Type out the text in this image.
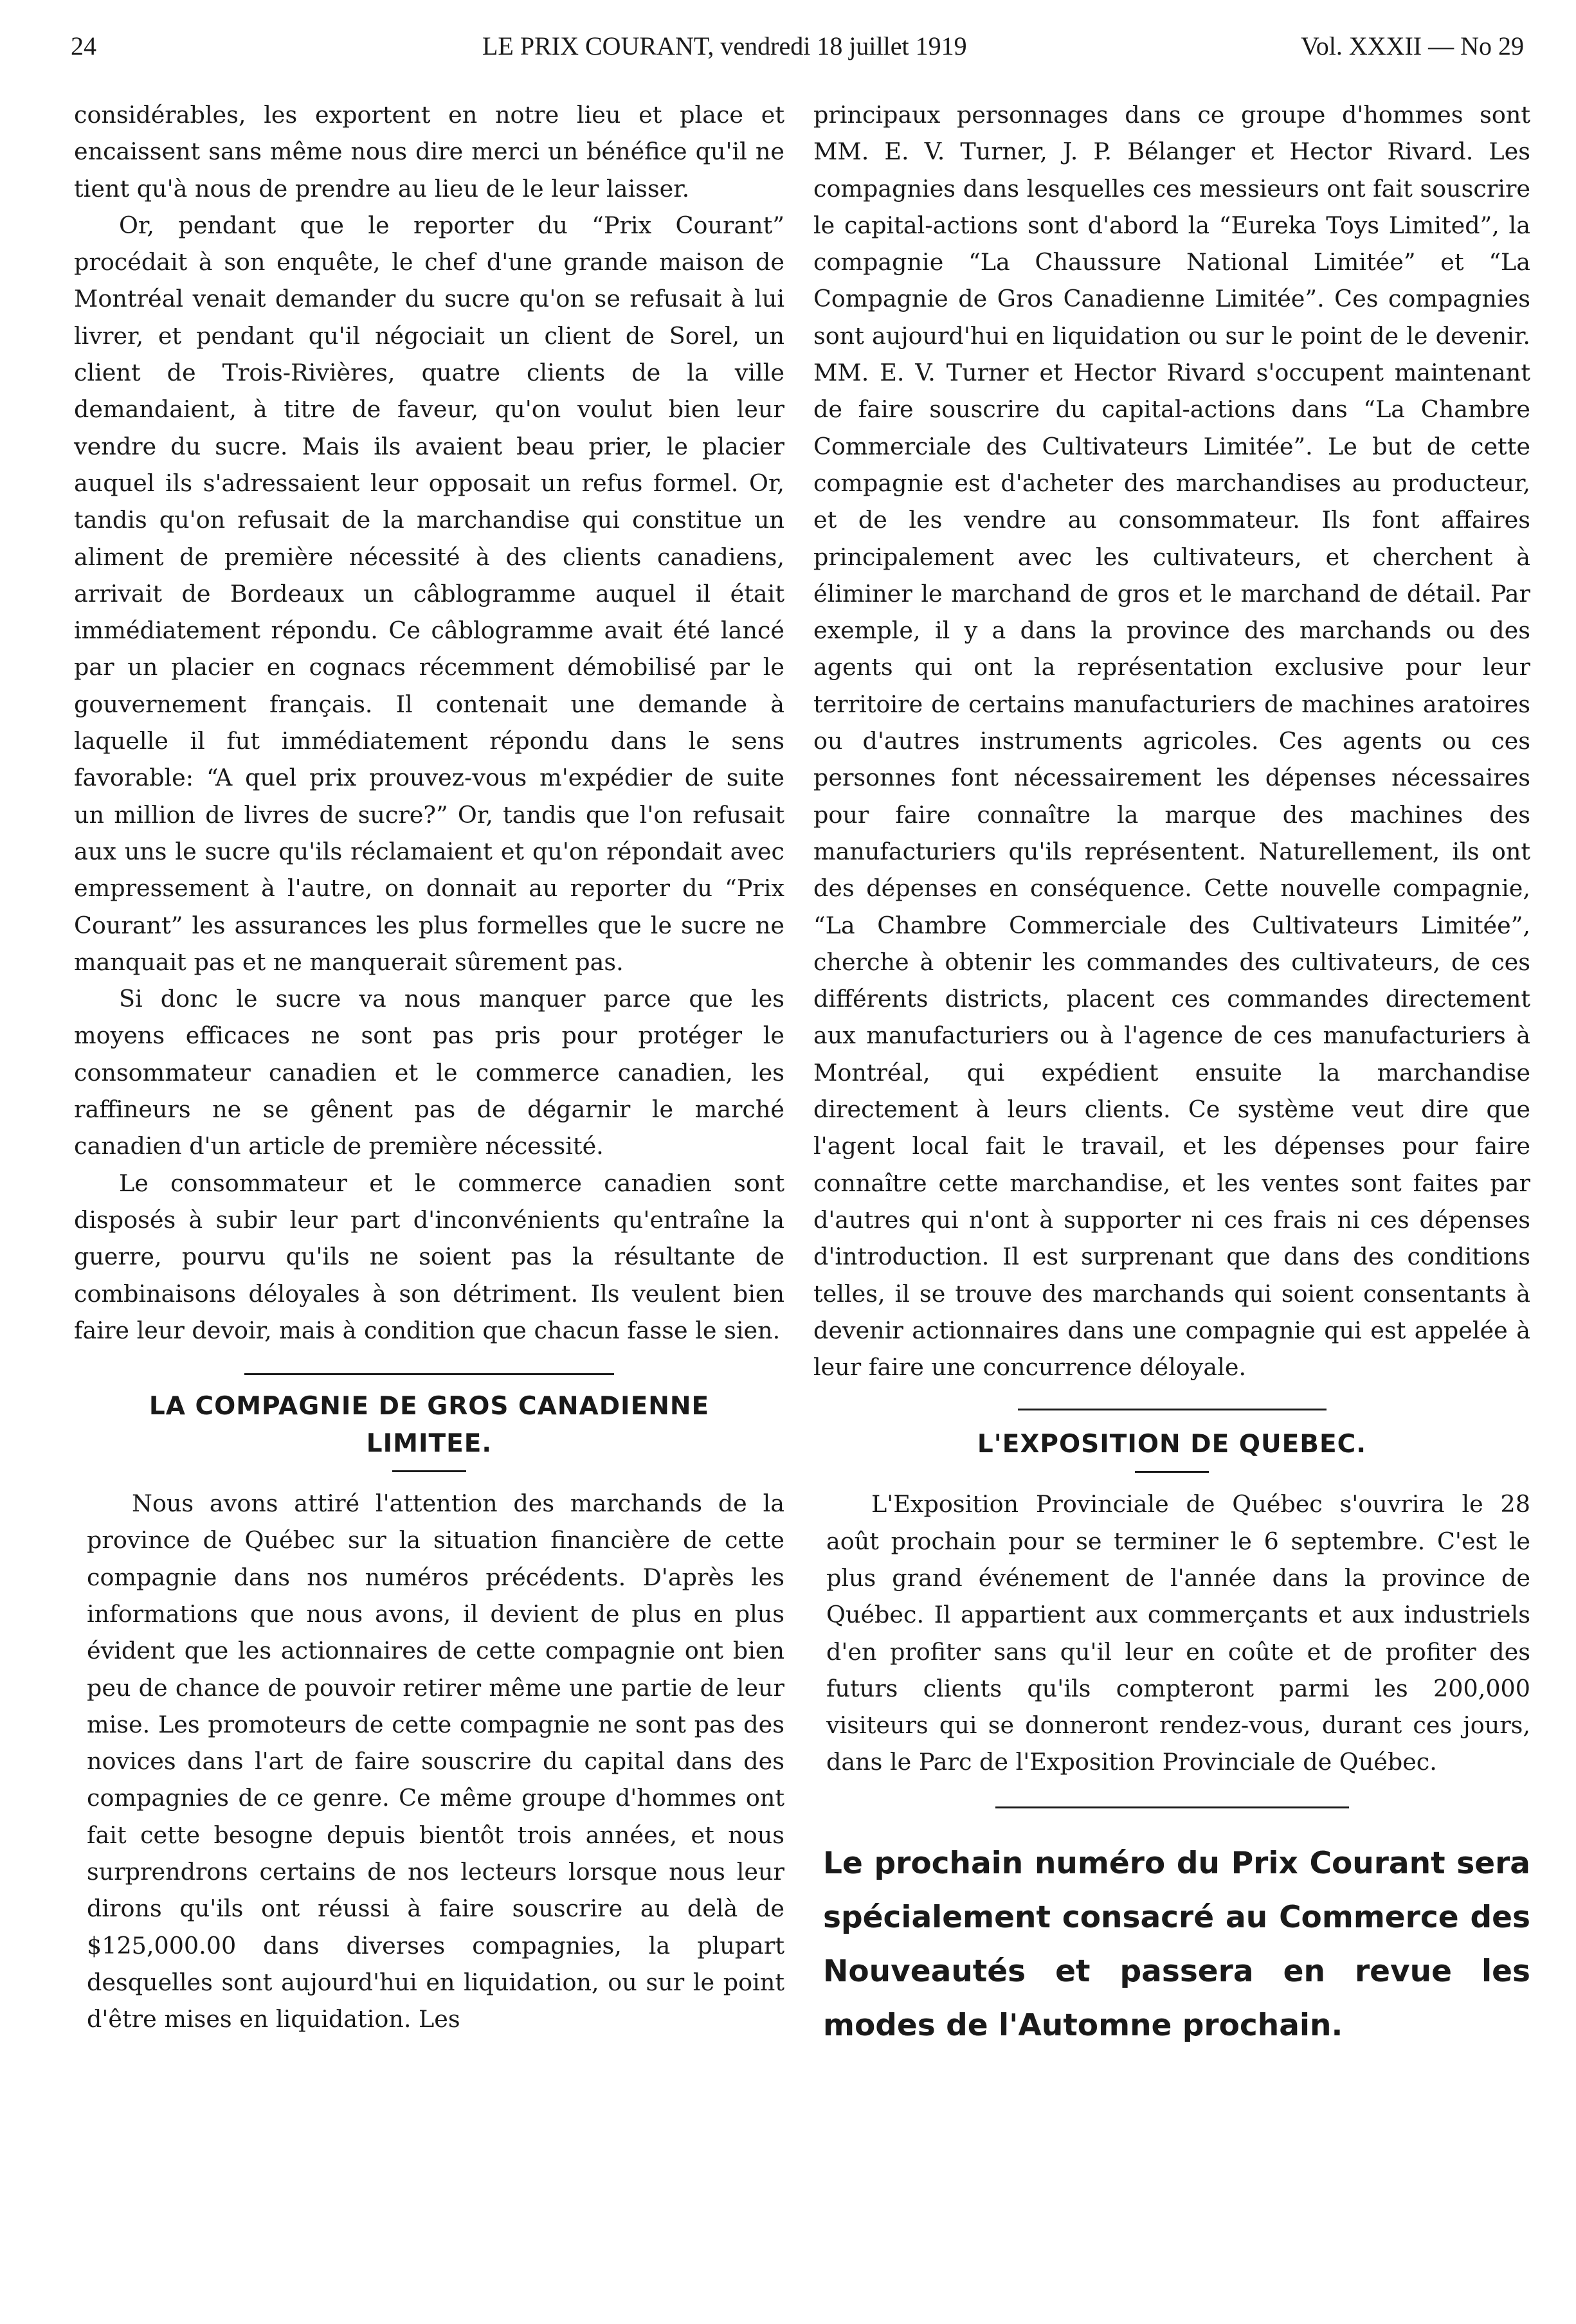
24	LE PRIX COURANT, vendredi 18 juillet 1919	Vol. XXXII — No 29

considérables, les exportent en notre lieu et place et encaissent sans même nous dire merci un bénéfice qu'il ne tient qu'à nous de prendre au lieu de le leur laisser.

Or, pendant que le reporter du “Prix Courant” procédait à son enquête, le chef d'une grande maison de Montréal venait demander du sucre qu'on se refusait à lui livrer, et pendant qu'il négociait un client de Sorel, un client de Trois-Rivières, quatre clients de la ville demandaient, à titre de faveur, qu'on voulut bien leur vendre du sucre. Mais ils avaient beau prier, le placier auquel ils s'adressaient leur opposait un refus formel. Or, tandis qu'on refusait de la marchandise qui constitue un aliment de première nécessité à des clients canadiens, arrivait de Bordeaux un câblogramme auquel il était immédiatement répondu. Ce câblogramme avait été lancé par un placier en cognacs récemment démobilisé par le gouvernement français. Il contenait une demande à laquelle il fut immédiatement répondu dans le sens favorable: “A quel prix prouvez-vous m'expédier de suite un million de livres de sucre?” Or, tandis que l'on refusait aux uns le sucre qu'ils réclamaient et qu'on répondait avec empressement à l'autre, on donnait au reporter du “Prix Courant” les assurances les plus formelles que le sucre ne manquait pas et ne manquerait sûrement pas.

Si donc le sucre va nous manquer parce que les moyens efficaces ne sont pas pris pour protéger le consommateur canadien et le commerce canadien, les raffineurs ne se gênent pas de dégarnir le marché canadien d'un article de première nécessité.

Le consommateur et le commerce canadien sont disposés à subir leur part d'inconvénients qu'entraîne la guerre, pourvu qu'ils ne soient pas la résultante de combinaisons déloyales à son détriment. Ils veulent bien faire leur devoir, mais à condition que chacun fasse le sien.

LA COMPAGNIE DE GROS CANADIENNE LIMITEE.

Nous avons attiré l'attention des marchands de la province de Québec sur la situation financière de cette compagnie dans nos numéros précédents. D'après les informations que nous avons, il devient de plus en plus évident que les actionnaires de cette compagnie ont bien peu de chance de pouvoir retirer même une partie de leur mise. Les promoteurs de cette compagnie ne sont pas des novices dans l'art de faire souscrire du capital dans des compagnies de ce genre. Ce même groupe d'hommes ont fait cette besogne depuis bientôt trois années, et nous surprendrons certains de nos lecteurs lorsque nous leur dirons qu'ils ont réussi à faire souscrire au delà de $125,000.00 dans diverses compagnies, la plupart desquelles sont aujourd'hui en liquidation, ou sur le point d'être mises en liquidation. Les

principaux personnages dans ce groupe d'hommes sont MM. E. V. Turner, J. P. Bélanger et Hector Rivard. Les compagnies dans lesquelles ces messieurs ont fait souscrire le capital-actions sont d'abord la “Eureka Toys Limited”, la compagnie “La Chaussure National Limitée” et “La Compagnie de Gros Canadienne Limitée”. Ces compagnies sont aujourd'hui en liquidation ou sur le point de le devenir. MM. E. V. Turner et Hector Rivard s'occupent maintenant de faire souscrire du capital-actions dans “La Chambre Commerciale des Cultivateurs Limitée”. Le but de cette compagnie est d'acheter des marchandises au producteur, et de les vendre au consommateur. Ils font affaires principalement avec les cultivateurs, et cherchent à éliminer le marchand de gros et le marchand de détail. Par exemple, il y a dans la province des marchands ou des agents qui ont la représentation exclusive pour leur territoire de certains manufacturiers de machines aratoires ou d'autres instruments agricoles. Ces agents ou ces personnes font nécessairement les dépenses nécessaires pour faire connaître la marque des machines des manufacturiers qu'ils représentent. Naturellement, ils ont des dépenses en conséquence. Cette nouvelle compagnie, “La Chambre Commerciale des Cultivateurs Limitée”, cherche à obtenir les commandes des cultivateurs, de ces différents districts, placent ces commandes directement aux manufacturiers ou à l'agence de ces manufacturiers à Montréal, qui expédient ensuite la marchandise directement à leurs clients. Ce système veut dire que l'agent local fait le travail, et les dépenses pour faire connaître cette marchandise, et les ventes sont faites par d'autres qui n'ont à supporter ni ces frais ni ces dépenses d'introduction. Il est surprenant que dans des conditions telles, il se trouve des marchands qui soient consentants à devenir actionnaires dans une compagnie qui est appelée à leur faire une concurrence déloyale.

L'EXPOSITION DE QUEBEC.

L'Exposition Provinciale de Québec s'ouvrira le 28 août prochain pour se terminer le 6 septembre. C'est le plus grand événement de l'année dans la province de Québec. Il appartient aux commerçants et aux industriels d'en profiter sans qu'il leur en coûte et de profiter des futurs clients qu'ils compteront parmi les 200,000 visiteurs qui se donneront rendez-vous, durant ces jours, dans le Parc de l'Exposition Provinciale de Québec.

Le prochain numéro du Prix Courant sera spécialement consacré au Commerce des Nouveautés et passera en revue les modes de l'Automne prochain.
